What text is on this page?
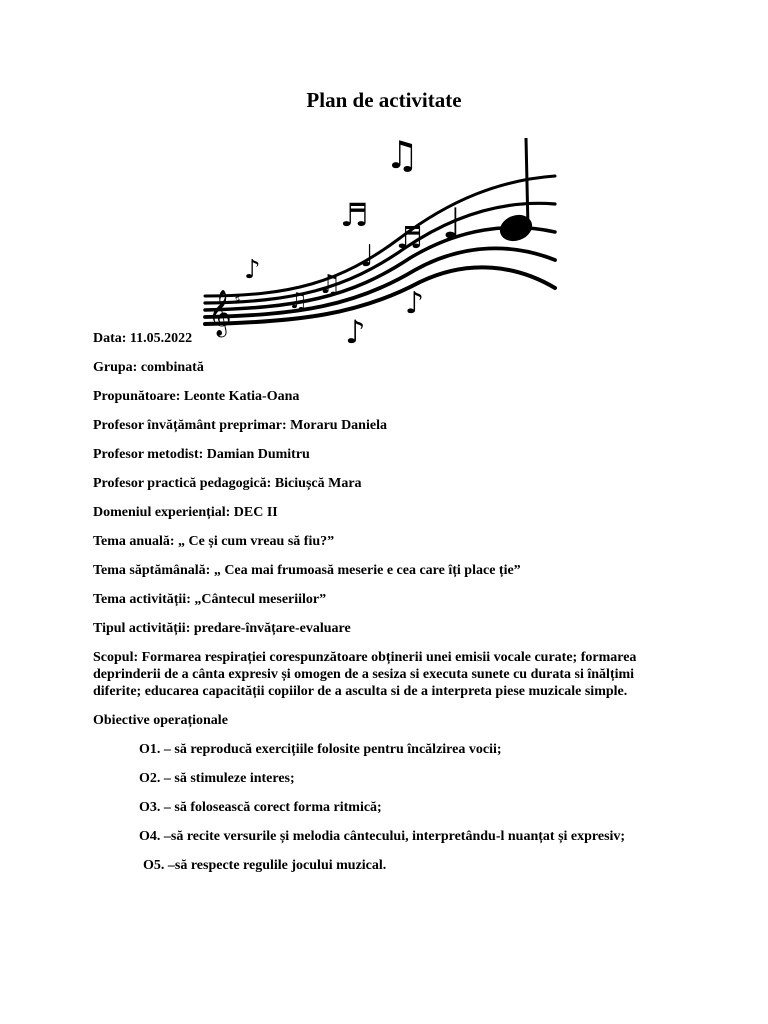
Plan de activitate
𝄞 ♯
♪
♫
♫
♬
♩
♫
♬ ♩
♪
♪

Data: 11.05.2022

Grupa: combinată

Propunătoare: Leonte Katia-Oana

Profesor învățământ preprimar: Moraru Daniela

Profesor metodist: Damian Dumitru

Profesor practică pedagogică: Biciușcă Mara

Domeniul experiențial: DEC II

Tema anuală: „ Ce și cum vreau să fiu?”

Tema săptămânală: „ Cea mai frumoasă meserie e cea care îți place ție”

Tema activității: „Cântecul meseriilor”

Tipul activității: predare-învățare-evaluare

Scopul: Formarea respirației corespunzătoare obținerii unei emisii vocale curate; formarea deprinderii de a cânta expresiv și omogen de a sesiza si executa sunete cu durata si înălțimi diferite; educarea capacității copiilor de a asculta si de a interpreta piese muzicale simple.

Obiective operaționale

O1. – să reproducă exercițiile folosite pentru încălzirea vocii;

O2. – să stimuleze interes;

O3. – să folosească corect forma ritmică;

O4. –să recite versurile și melodia cântecului, interpretându-l nuanțat și expresiv;

O5. –să respecte regulile jocului muzical.
